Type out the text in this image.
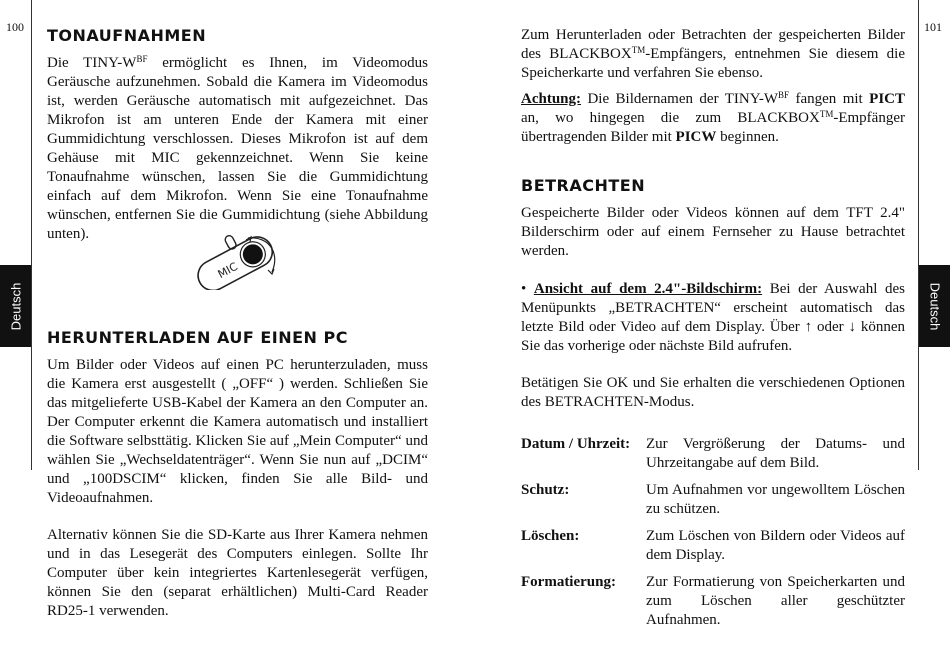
100	101
Deutsch	Deutsch
TONAUFNAHMEN

Die TINY-$W^{BF}$ ermöglicht es Ihnen, im Videomodus Geräusche aufzunehmen. Sobald die Kamera im Videomodus ist, werden Geräusche automatisch mit aufgezeichnet. Das Mikrofon ist am unteren Ende der Kamera mit einer Gummidichtung verschlossen. Dieses Mikrofon ist auf dem Gehäuse mit MIC gekennzeichnet. Wenn Sie keine Tonaufnahme wünschen, lassen Sie die Gummidichtung einfach auf dem Mikrofon. Wenn Sie eine Tonaufnahme wünschen, entfernen Sie die Gummidichtung (siehe Abbildung unten).

MIC
HERUNTERLADEN AUF EINEN PC

Um Bilder oder Videos auf einen PC herunterzuladen, muss die Kamera erst ausgestellt ( „OFF“ ) werden. Schließen Sie das mitgelieferte USB-Kabel der Kamera an den Computer an. Der Computer erkennt die Kamera automatisch und installiert die Software selbsttätig. Klicken Sie auf „Mein Computer“ und wählen Sie „Wechseldatenträger“. Wenn Sie nun auf „DCIM“ und „100DSCIM“ klicken, finden Sie alle Bild- und Videoaufnahmen.

Alternativ können Sie die SD-Karte aus Ihrer Kamera nehmen und in das Lesegerät des Computers einlegen. Sollte Ihr Computer über kein integriertes Kartenlesegerät verfügen, können Sie den (separat erhältlichen) Multi-Card Reader RD25-1 verwenden.

Zum Herunterladen oder Betrachten der gespeicherten Bilder des BLACKBOX™-Empfängers, entnehmen Sie diesem die Speicherkarte und verfahren Sie ebenso.

Achtung: Die Bildernamen der TINY-$W^{BF}$ fangen mit PICT an, wo hingegen die zum BLACKBOX™-Empfänger übertragenden Bilder mit PICW beginnen.

BETRACHTEN

Gespeicherte Bilder oder Videos können auf dem TFT 2.4" Bilderschirm oder auf einem Fernseher zu Hause betrachtet werden.

• Ansicht auf dem 2.4"-Bildschirm: Bei der Auswahl des Menüpunkts „BETRACHTEN“ erscheint automatisch das letzte Bild oder Video auf dem Display. Über ↑ oder ↓ können Sie das vorherige oder nächste Bild aufrufen.

Betätigen Sie OK und Sie erhalten die verschiedenen Optionen des BETRACHTEN-Modus.

Datum / Uhrzeit:	Zur Vergrößerung der Datums- und Uhrzeitangabe auf dem Bild.
Schutz:	Um Aufnahmen vor ungewolltem Löschen zu schützen.
Löschen:	Zum Löschen von Bildern oder Videos auf dem Display.
Formatierung:	Zur Formatierung von Speicherkarten und zum Löschen aller geschützter Aufnahmen.
